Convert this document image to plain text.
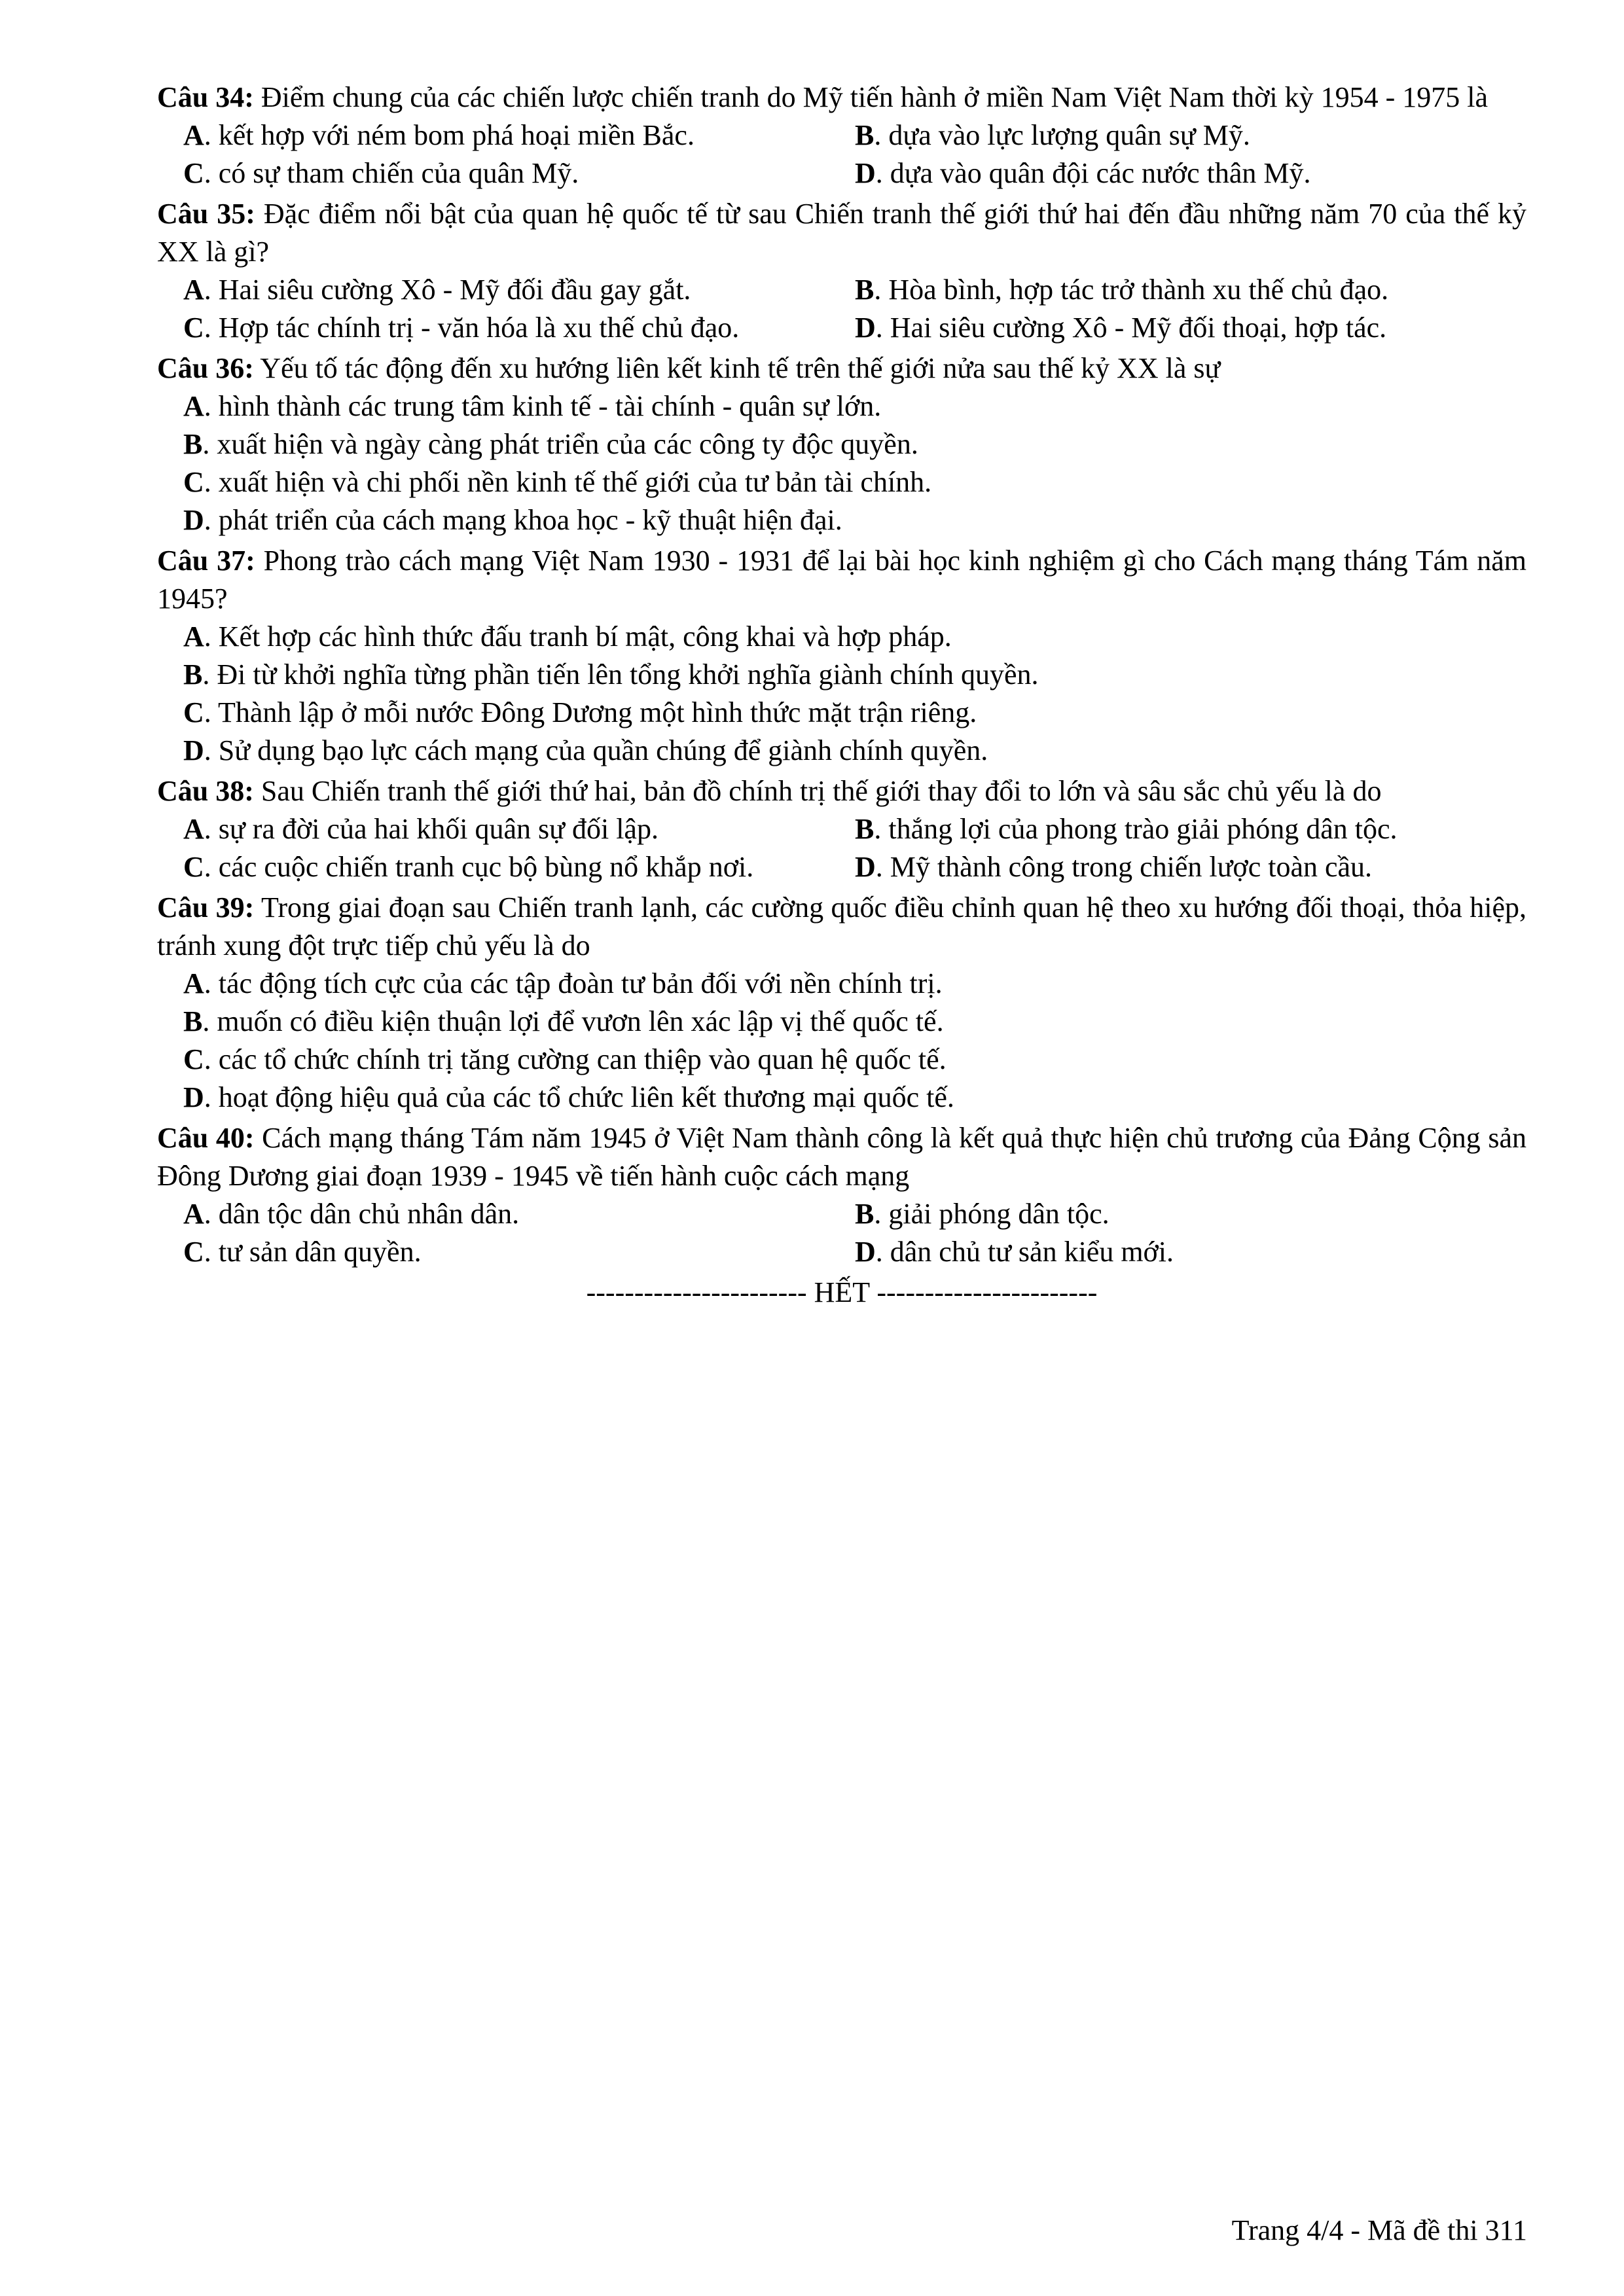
Câu 34: Điểm chung của các chiến lược chiến tranh do Mỹ tiến hành ở miền Nam Việt Nam thời kỳ 1954 - 1975 là
A. kết hợp với ném bom phá hoại miền Bắc.	B. dựa vào lực lượng quân sự Mỹ.
C. có sự tham chiến của quân Mỹ.	D. dựa vào quân đội các nước thân Mỹ.
Câu 35: Đặc điểm nổi bật của quan hệ quốc tế từ sau Chiến tranh thế giới thứ hai đến đầu những năm 70 của thế kỷ XX là gì?
A. Hai siêu cường Xô - Mỹ đối đầu gay gắt.	B. Hòa bình, hợp tác trở thành xu thế chủ đạo.
C. Hợp tác chính trị - văn hóa là xu thế chủ đạo.	D. Hai siêu cường Xô - Mỹ đối thoại, hợp tác.
Câu 36: Yếu tố tác động đến xu hướng liên kết kinh tế trên thế giới nửa sau thế kỷ XX là sự
A. hình thành các trung tâm kinh tế - tài chính - quân sự lớn.
B. xuất hiện và ngày càng phát triển của các công ty độc quyền.
C. xuất hiện và chi phối nền kinh tế thế giới của tư bản tài chính.
D. phát triển của cách mạng khoa học - kỹ thuật hiện đại.
Câu 37: Phong trào cách mạng Việt Nam 1930 - 1931 để lại bài học kinh nghiệm gì cho Cách mạng tháng Tám năm 1945?
A. Kết hợp các hình thức đấu tranh bí mật, công khai và hợp pháp.
B. Đi từ khởi nghĩa từng phần tiến lên tổng khởi nghĩa giành chính quyền.
C. Thành lập ở mỗi nước Đông Dương một hình thức mặt trận riêng.
D. Sử dụng bạo lực cách mạng của quần chúng để giành chính quyền.
Câu 38: Sau Chiến tranh thế giới thứ hai, bản đồ chính trị thế giới thay đổi to lớn và sâu sắc chủ yếu là do
A. sự ra đời của hai khối quân sự đối lập.	B. thắng lợi của phong trào giải phóng dân tộc.
C. các cuộc chiến tranh cục bộ bùng nổ khắp nơi.	D. Mỹ thành công trong chiến lược toàn cầu.
Câu 39: Trong giai đoạn sau Chiến tranh lạnh, các cường quốc điều chỉnh quan hệ theo xu hướng đối thoại, thỏa hiệp, tránh xung đột trực tiếp chủ yếu là do
A. tác động tích cực của các tập đoàn tư bản đối với nền chính trị.
B. muốn có điều kiện thuận lợi để vươn lên xác lập vị thế quốc tế.
C. các tổ chức chính trị tăng cường can thiệp vào quan hệ quốc tế.
D. hoạt động hiệu quả của các tổ chức liên kết thương mại quốc tế.
Câu 40: Cách mạng tháng Tám năm 1945 ở Việt Nam thành công là kết quả thực hiện chủ trương của Đảng Cộng sản Đông Dương giai đoạn 1939 - 1945 về tiến hành cuộc cách mạng
A. dân tộc dân chủ nhân dân.	B. giải phóng dân tộc.
C. tư sản dân quyền.	D. dân chủ tư sản kiểu mới.
----------------------- HẾT -----------------------
Trang 4/4 - Mã đề thi 311
